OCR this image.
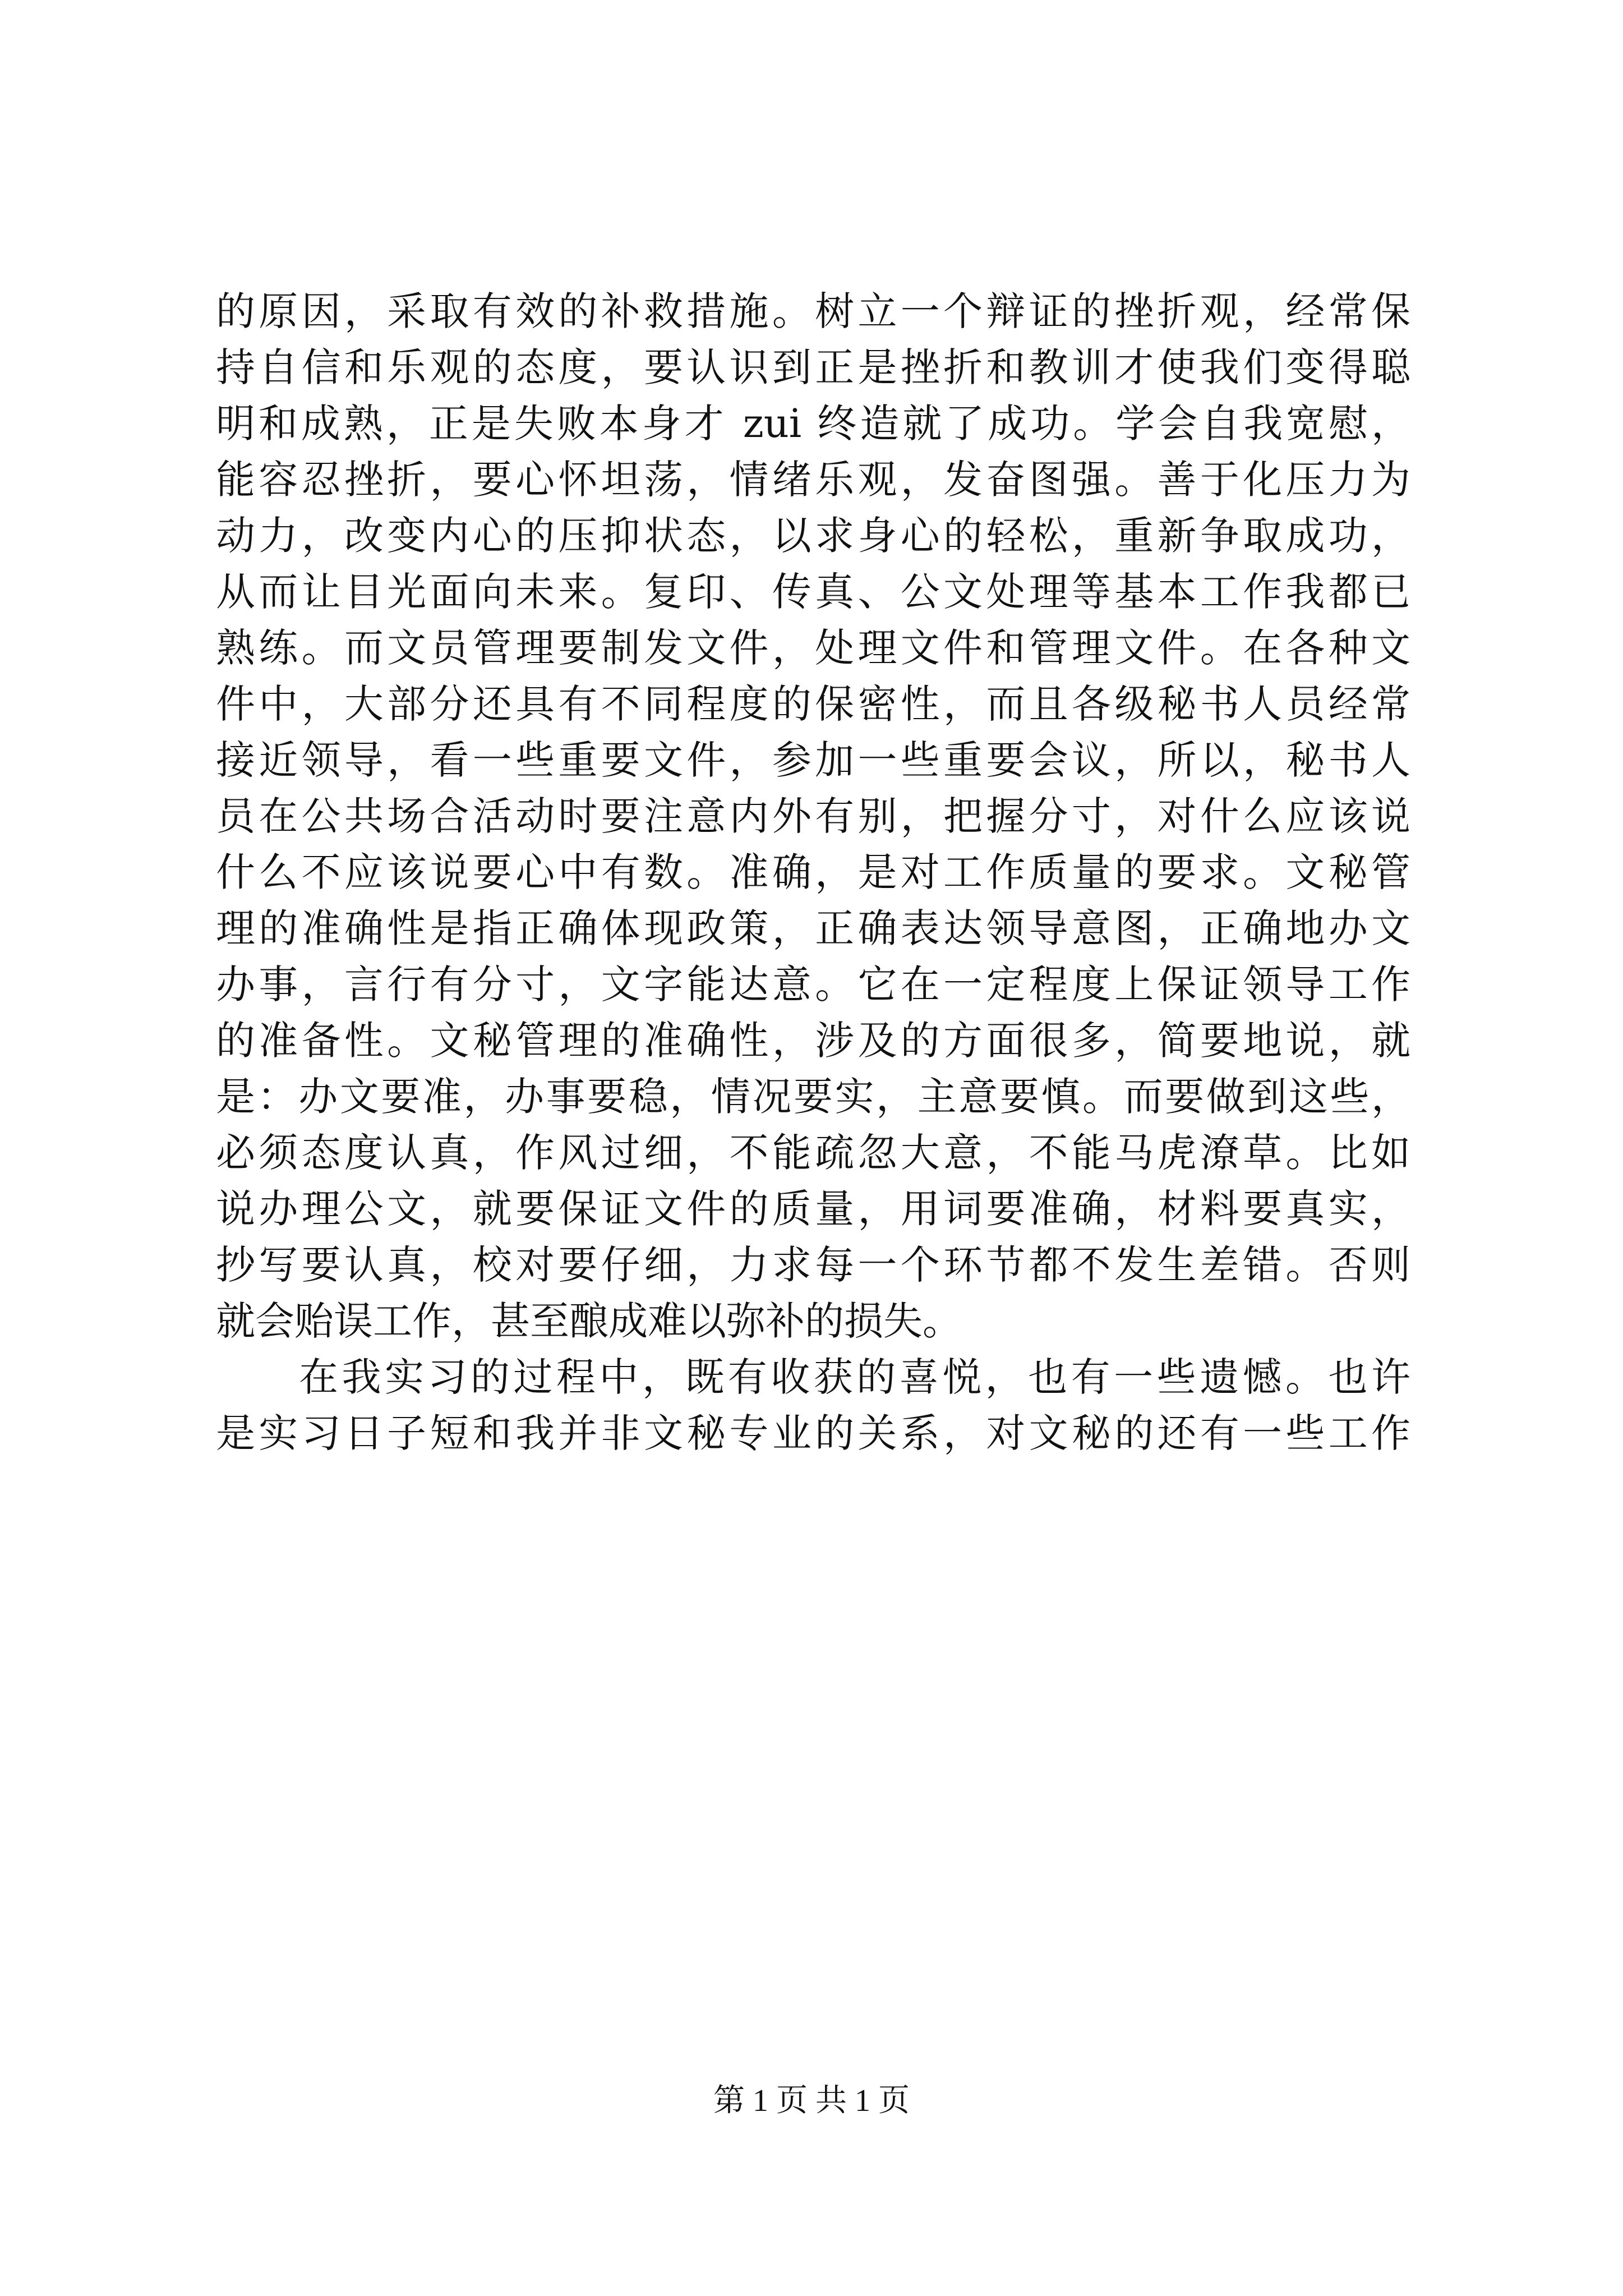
的原因，采取有效的补救措施。树立一个辩证的挫折观，经常保
持自信和乐观的态度，要认识到正是挫折和教训才使我们变得聪
明和成熟，正是失败本身才 zui 终造就了成功。学会自我宽慰，
能容忍挫折，要心怀坦荡，情绪乐观，发奋图强。善于化压力为
动力，改变内心的压抑状态，以求身心的轻松，重新争取成功，
从而让目光面向未来。复印、传真、公文处理等基本工作我都已
熟练。而文员管理要制发文件，处理文件和管理文件。在各种文
件中，大部分还具有不同程度的保密性，而且各级秘书人员经常
接近领导，看一些重要文件，参加一些重要会议，所以，秘书人
员在公共场合活动时要注意内外有别，把握分寸，对什么应该说
什么不应该说要心中有数。准确，是对工作质量的要求。文秘管
理的准确性是指正确体现政策，正确表达领导意图，正确地办文
办事，言行有分寸，文字能达意。它在一定程度上保证领导工作
的准备性。文秘管理的准确性，涉及的方面很多，简要地说，就
是：办文要准，办事要稳，情况要实，主意要慎。而要做到这些，
必须态度认真，作风过细，不能疏忽大意，不能马虎潦草。比如
说办理公文，就要保证文件的质量，用词要准确，材料要真实，
抄写要认真，校对要仔细，力求每一个环节都不发生差错。否则
就会贻误工作，甚至酿成难以弥补的损失。
在我实习的过程中，既有收获的喜悦，也有一些遗憾。也许
是实习日子短和我并非文秘专业的关系，对文秘的还有一些工作
第 1 页 共 1 页
